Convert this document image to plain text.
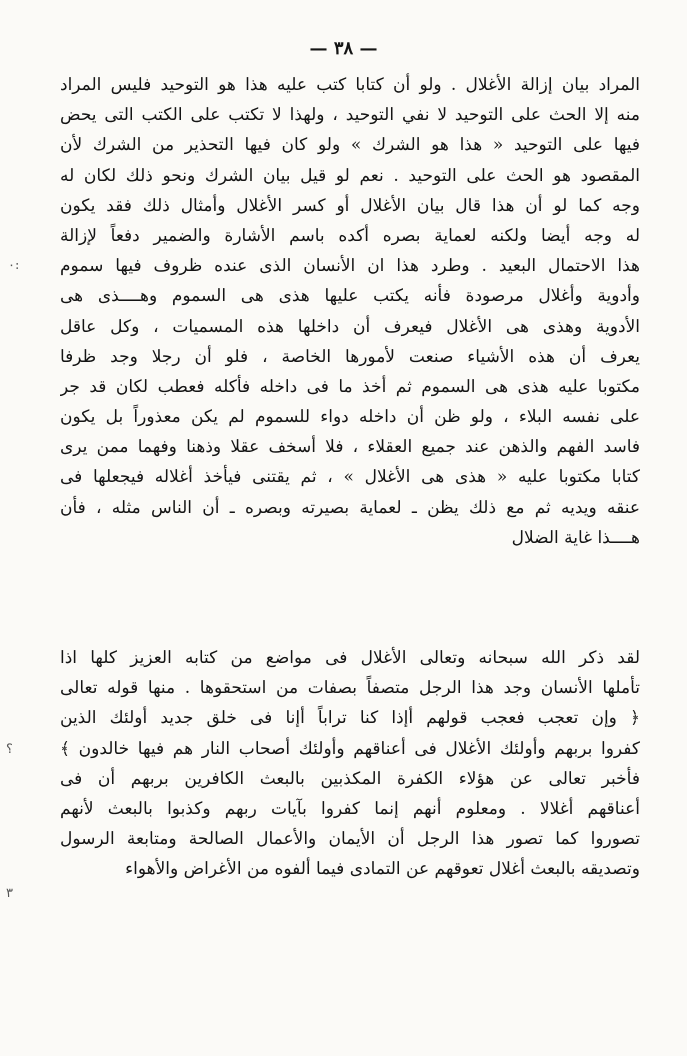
— ٣٨ —
المراد بيان إزالة الأغلال . ولو أن كتابا كتب عليه هذا هو التوحيد فليس المراد
منه إلا الحث على التوحيد لا نفي التوحيد ، ولهذا لا تكتب على الكتب التى يحض
فيها على التوحيد « هذا هو الشرك » ولو كان فيها التحذير من الشرك لأن
المقصود هو الحث على التوحيد . نعم لو قيل بيان الشرك ونحو ذلك لكان له
وجه كما لو أن هذا قال بيان الأغلال أو كسر الأغلال وأمثال ذلك فقد يكون
له وجه أيضا ولكنه لعماية بصره أكده باسم الأشارة والضمير دفعاً لإزالة
هذا الاحتمال البعيد . وطرد هذا ان الأنسان الذى عنده ظروف فيها سموم
وأدوية وأغلال مرصودة فأنه يكتب عليها هذى هى السموم وهــــذى هى
الأدوية وهذى هى الأغلال فيعرف أن داخلها هذه المسميات ، وكل عاقل
يعرف أن هذه الأشياء صنعت لأمورها الخاصة ، فلو أن رجلا وجد ظرفا
مكتوبا عليه هذى هى السموم ثم أخذ ما فى داخله فأكله فعطب لكان قد جر
على نفسه البلاء ، ولو ظن أن داخله دواء للسموم لم يكن معذوراً بل يكون
فاسد الفهم والذهن عند جميع العقلاء ، فلا أسخف عقلا وذهنا وفهما ممن يرى
كتابا مكتوبا عليه « هذى هى الأغلال » ، ثم يقتنى فيأخذ أغلاله فيجعلها فى
عنقه ويديه ثم مع ذلك يظن ـ لعماية بصيرته وبصره ـ أن الناس مثله ، فأن
هــــذا غاية الضلال
لقد ذكر الله سبحانه وتعالى الأغلال فى مواضع من كتابه العزيز كلها اذا
تأملها الأنسان وجد هذا الرجل متصفاً بصفات من استحقوها . منها قوله تعالى
﴿ وإن تعجب فعجب قولهم أإذا كنا تراباً أإنا فى خلق جديد أولئك الذين
كفروا بربهم وأولئك الأغلال فى أعناقهم وأولئك أصحاب النار هم فيها خالدون ﴾
فأخبر تعالى عن هؤلاء الكفرة المكذبين بالبعث الكافرين بربهم أن فى
أعناقهم أغلالا . ومعلوم أنهم إنما كفروا بآيات ربهم وكذبوا بالبعث لأنهم
تصوروا كما تصور هذا الرجل أن الأيمان والأعمال الصالحة ومتابعة الرسول
وتصديقه بالبعث أغلال تعوقهم عن التمادى فيما ألفوه من الأغراض والأهواء
٠:
؟
٣
